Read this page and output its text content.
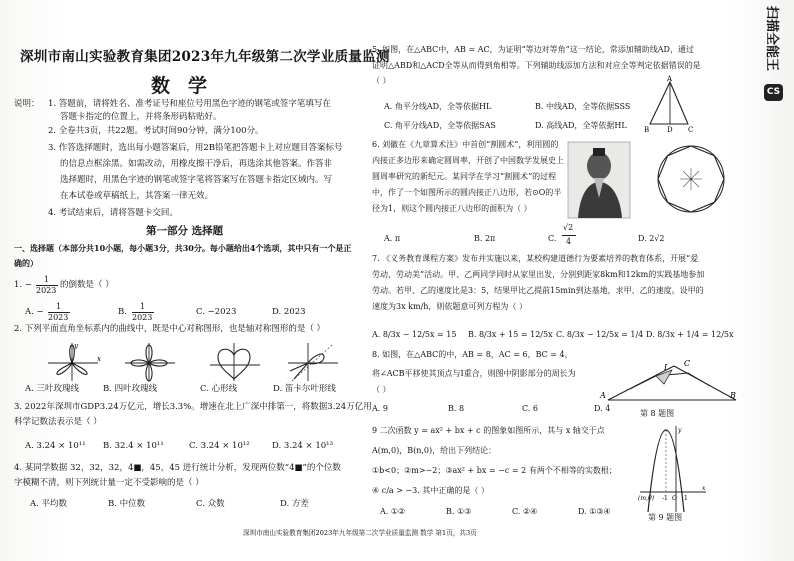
扫描全能王
CS
深圳市南山实验教育集团2023年九年级第二次学业质量监测
数学
说明： 1. 答题前，请将姓名、准考证号和座位号用黑色字迹的钢笔或签字笔填写在
答题卡指定的位置上，并将条形码粘贴好。
2. 全卷共3页，共22题。考试时间90分钟，满分100分。
3. 作答选择题时，选出每小题答案后，用2B铅笔把答题卡上对应题目答案标号
的信息点框涂黑。如需改动，用橡皮擦干净后，再选涂其他答案。作答非
选择题时，用黑色字迹的钢笔或签字笔将答案写在答题卡指定区域内。写
在本试卷或草稿纸上，其答案一律无效。
4. 考试结束后，请将答题卡交回。
第一部分 选择题
一、选择题（本部分共10小题，每小题3分，共30分。每小题给出4个选项，其中只有一个是正
确的）
1. −
1
2023
的倒数是（ ）
A. −
1
2023
B.
1
2023
C. −2023	D. 2023
2. 下列平面直角坐标系内的曲线中，既是中心对称图形，也是轴对称图形的是（ ）
x
y
A. 三叶玫瑰线	B. 四叶玫瑰线	C. 心形线	D. 笛卡尔叶形线
3. 2022年深圳市GDP3.24万亿元，增长3.3%。增速在北上广深中排第一，将数据3.24万亿用
科学记数法表示是（ ）
A. 3.24 × 10¹¹ B. 32.4 × 10¹¹	C. 3.24 × 10¹²	D. 3.24 × 10¹³
4. 某同学数据 32，32，32，4■，45，45 进行统计分析，发现两位数“4■”的个位数
字模糊不清，则下列统计量一定不受影响的是（ ）
A. 平均数	B. 中位数	C. 众数	D. 方差
5. 如图，在△ABC中，AB = AC，为证明“等边对等角”这一结论，常添加辅助线AD，通过
证明△ABD和△ACD全等从而得到角相等。下列辅助线添加方法和对应全等判定依据错误的是
（ ）
A. 角平分线AD，全等依据HL	B. 中线AD，全等依据SSS
C. 角平分线AD，全等依据SAS	D. 高线AD，全等依据HL
A
B	D C
6. 刘徽在《九章算术注》中首创“割圆术”，利用圆的
内接正多边形来确定圆周率，开创了中国数学发展史上
圆周率研究的新纪元。某同学在学习“割圆术”的过程
中，作了一个如图所示的圆内接正八边形，若⊙O的半
径为1，则这个圆内接正八边形的面积为（ ）
A. π	B. 2π	C.
√2
4	D. 2√2
7. 《义务教育课程方案》发布并实施以来，某校构建道德行为要素培养的教育体系，开展“爱
劳动，劳动美”活动。甲、乙两同学同时从家里出发，分别到距家8km和12km的实践基地参加
劳动。若甲、乙的速度比是3：5，结果甲比乙提前15min到达基地，求甲、乙的速度。设甲的
速度为3x km/h，则依题意可列方程为（ ）
A. 8/3x − 12/5x = 15 B. 8/3x + 15 = 12/5x C. 8/3x − 12/5x = 1/4 D. 8/3x + 1/4 = 12/5x
8. 如图，在△ABC的中，AB = 8，AC = 6，BC = 4，
将∠ACB平移使其顶点与I重合，则图中阴影部分的周长为
（ ）
A. 9	B. 8	C. 6	D. 4
A
I C
B
第 8 题图
9 二次函数 y = ax² + bx + c 的图象如图所示，其与 x 轴交于点
A(m,0)，B(n,0)，给出下列结论：
①b<0；②m>−2；③ax² + bx = −c = 2 有两个不相等的实数根；
④ c/a > −3. 其中正确的是（ ）
A. ①②	B. ①③	C. ②④	D. ①③④
(m,0) -1 O 1
x
y
第 9 题图
深圳市南山实验教育集团2023年九年级第二次学业质量监测 数学 第1页，共3页
